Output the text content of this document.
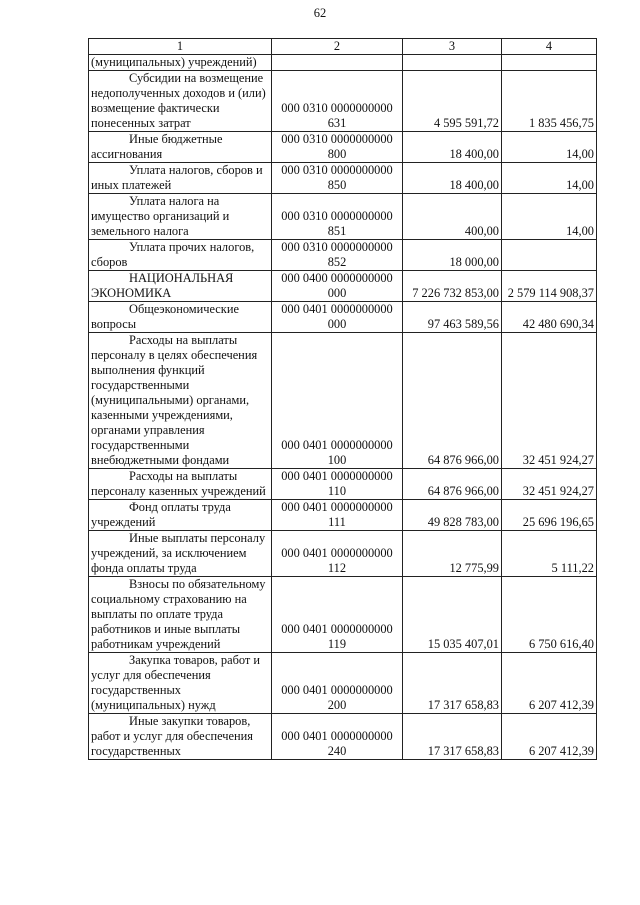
62
1	2	3	4
(муниципальных) учреждений)			
Субсидии на возмещение недополученных доходов и (или) возмещение фактически понесенных затрат	000 0310 0000000000 631	4 595 591,72	1 835 456,75
Иные бюджетные ассигнования	000 0310 0000000000 800	18 400,00	14,00
Уплата налогов, сборов и иных платежей	000 0310 0000000000 850	18 400,00	14,00
Уплата налога на имущество организаций и земельного налога	000 0310 0000000000 851	400,00	14,00
Уплата прочих налогов, сборов	000 0310 0000000000 852	18 000,00	
НАЦИОНАЛЬНАЯ ЭКОНОМИКА	000 0400 0000000000 000	7 226 732 853,00	2 579 114 908,37
Общеэкономические вопросы	000 0401 0000000000 000	97 463 589,56	42 480 690,34
Расходы на выплаты персоналу в целях обеспечения выполнения функций государственными (муниципальными) органами, казенными учреждениями, органами управления государственными внебюджетными фондами	000 0401 0000000000 100	64 876 966,00	32 451 924,27
Расходы на выплаты персоналу казенных учреждений	000 0401 0000000000 110	64 876 966,00	32 451 924,27
Фонд оплаты труда учреждений	000 0401 0000000000 111	49 828 783,00	25 696 196,65
Иные выплаты персоналу учреждений, за исключением фонда оплаты труда	000 0401 0000000000 112	12 775,99	5 111,22
Взносы по обязательному социальному страхованию на выплаты по оплате труда работников и иные выплаты работникам учреждений	000 0401 0000000000 119	15 035 407,01	6 750 616,40
Закупка товаров, работ и услуг для обеспечения государственных (муниципальных) нужд	000 0401 0000000000 200	17 317 658,83	6 207 412,39
Иные закупки товаров, работ и услуг для обеспечения государственных	000 0401 0000000000 240	17 317 658,83	6 207 412,39
